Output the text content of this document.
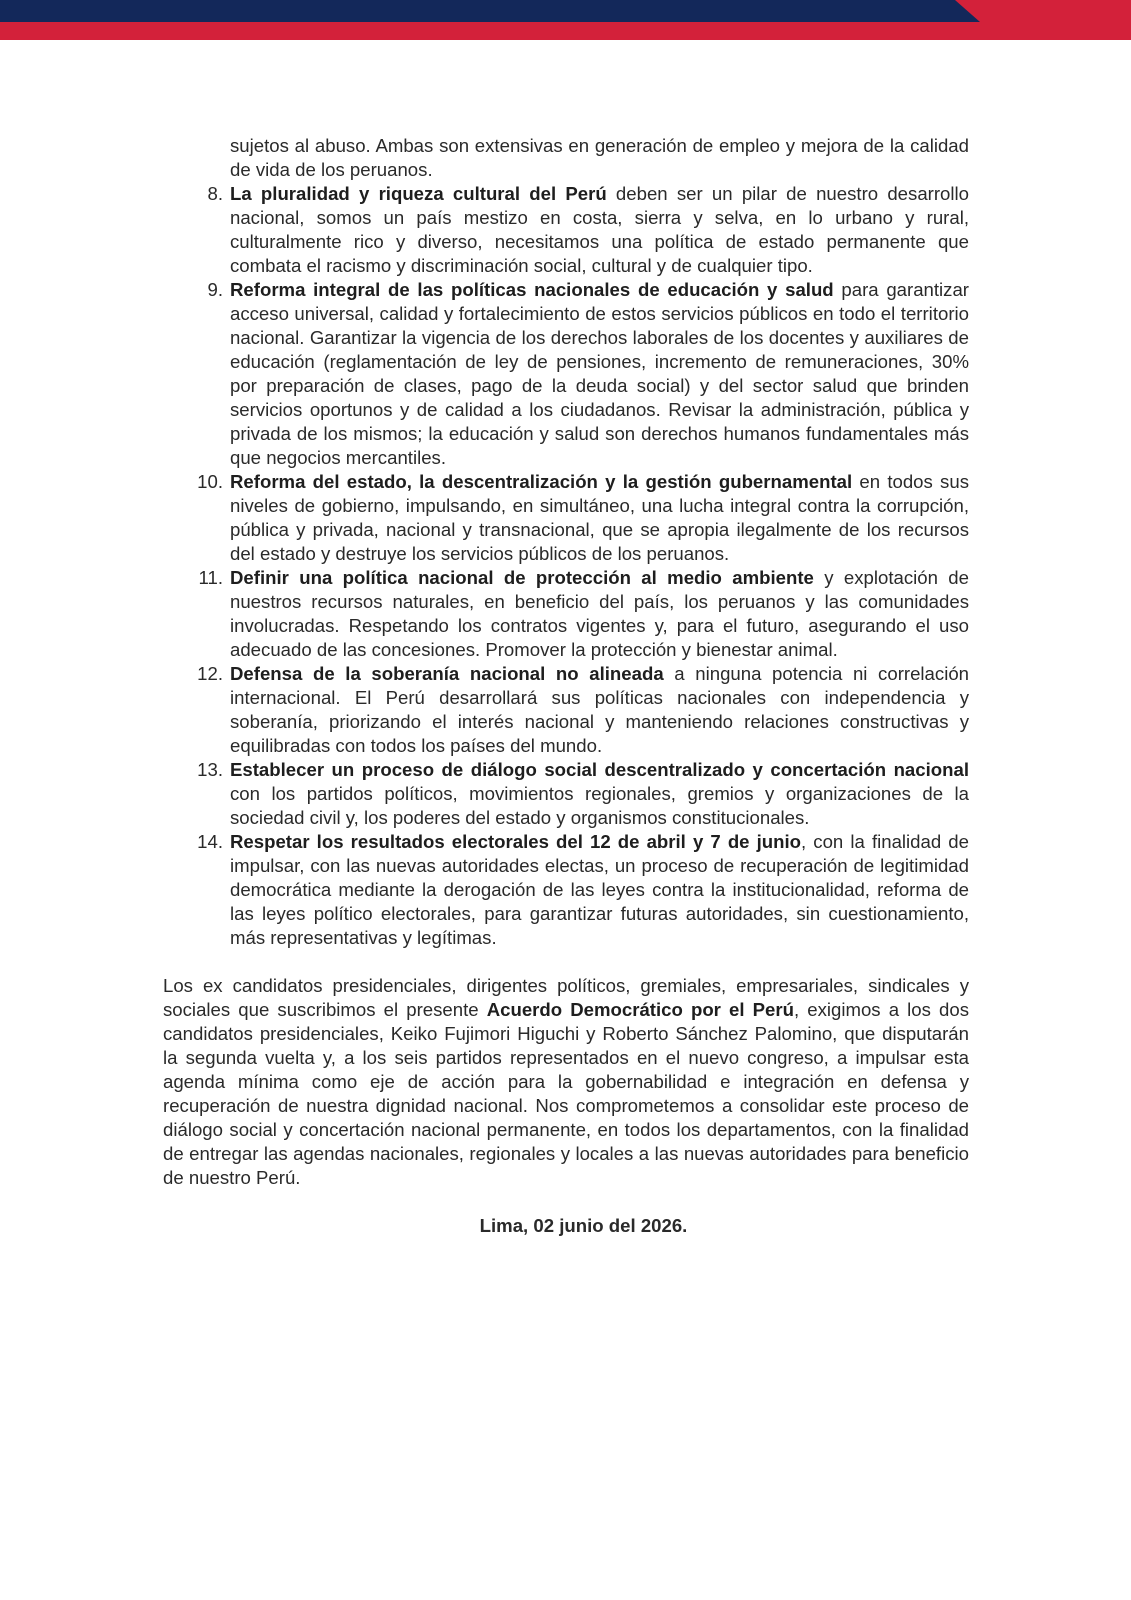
sujetos al abuso. Ambas son extensivas en generación de empleo y mejora de la calidad de vida de los peruanos.

8. La pluralidad y riqueza cultural del Perú deben ser un pilar de nuestro desarrollo nacional, somos un país mestizo en costa, sierra y selva, en lo urbano y rural, culturalmente rico y diverso, necesitamos una política de estado permanente que combata el racismo y discriminación social, cultural y de cualquier tipo.
9. Reforma integral de las políticas nacionales de educación y salud para garantizar acceso universal, calidad y fortalecimiento de estos servicios públicos en todo el territorio nacional. Garantizar la vigencia de los derechos laborales de los docentes y auxiliares de educación (reglamentación de ley de pensiones, incremento de remuneraciones, 30% por preparación de clases, pago de la deuda social) y del sector salud que brinden servicios oportunos y de calidad a los ciudadanos. Revisar la administración, pública y privada de los mismos; la educación y salud son derechos humanos fundamentales más que negocios mercantiles.
10. Reforma del estado, la descentralización y la gestión gubernamental en todos sus niveles de gobierno, impulsando, en simultáneo, una lucha integral contra la corrupción, pública y privada, nacional y transnacional, que se apropia ilegalmente de los recursos del estado y destruye los servicios públicos de los peruanos.
11. Definir una política nacional de protección al medio ambiente y explotación de nuestros recursos naturales, en beneficio del país, los peruanos y las comunidades involucradas. Respetando los contratos vigentes y, para el futuro, asegurando el uso adecuado de las concesiones. Promover la protección y bienestar animal.
12. Defensa de la soberanía nacional no alineada a ninguna potencia ni correlación internacional. El Perú desarrollará sus políticas nacionales con independencia y soberanía, priorizando el interés nacional y manteniendo relaciones constructivas y equilibradas con todos los países del mundo.
13. Establecer un proceso de diálogo social descentralizado y concertación nacional con los partidos políticos, movimientos regionales, gremios y organizaciones de la sociedad civil y, los poderes del estado y organismos constitucionales.
14. Respetar los resultados electorales del 12 de abril y 7 de junio, con la finalidad de impulsar, con las nuevas autoridades electas, un proceso de recuperación de legitimidad democrática mediante la derogación de las leyes contra la institucionalidad, reforma de las leyes político electorales, para garantizar futuras autoridades, sin cuestionamiento, más representativas y legítimas.

Los ex candidatos presidenciales, dirigentes políticos, gremiales, empresariales, sindicales y sociales que suscribimos el presente Acuerdo Democrático por el Perú, exigimos a los dos candidatos presidenciales, Keiko Fujimori Higuchi y Roberto Sánchez Palomino, que disputarán la segunda vuelta y, a los seis partidos representados en el nuevo congreso, a impulsar esta agenda mínima como eje de acción para la gobernabilidad e integración en defensa y recuperación de nuestra dignidad nacional. Nos comprometemos a consolidar este proceso de diálogo social y concertación nacional permanente, en todos los departamentos, con la finalidad de entregar las agendas nacionales, regionales y locales a las nuevas autoridades para beneficio de nuestro Perú.

Lima, 02 junio del 2026.
